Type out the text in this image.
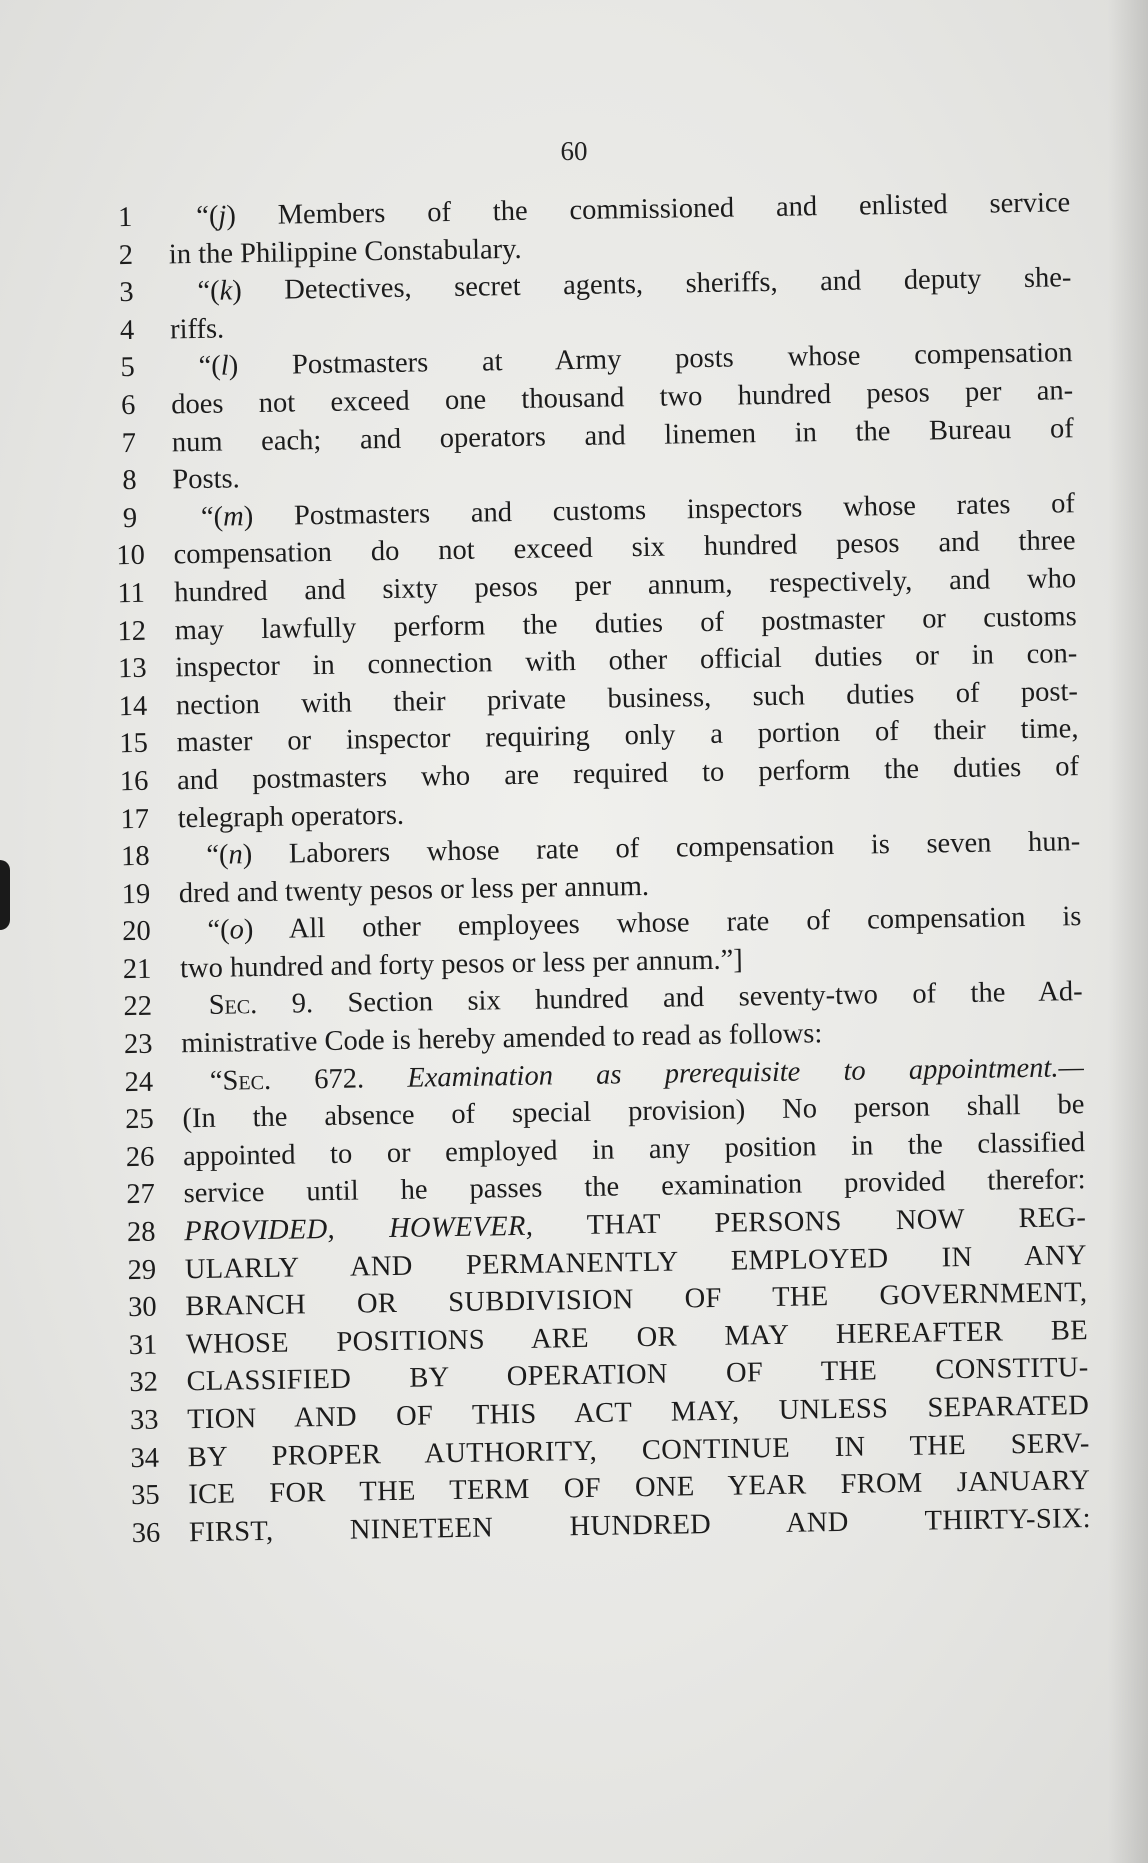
60
1	“(j) Members of the commissioned and enlisted service
2	in the Philippine Constabulary.
3	“(k) Detectives, secret agents, sheriffs, and deputy she-
4	riffs.
5	“(l) Postmasters at Army posts whose compensation
6	does not exceed one thousand two hundred pesos per an-
7	num each; and operators and linemen in the Bureau of
8	Posts.
9	“(m) Postmasters and customs inspectors whose rates of
10 compensation do not exceed six hundred pesos and three
11	hundred and sixty pesos per annum, respectively, and who
12 may lawfully perform the duties of postmaster or customs
13 inspector in connection with other official duties or in con-
14 nection with their private business, such duties of post-
15 master or inspector requiring only a portion of their time,
16 and postmasters who are required to perform the duties of
17 telegraph operators.
18	“(n) Laborers whose rate of compensation is seven hun-
19 dred and twenty pesos or less per annum.
20	“(o) All other employees whose rate of compensation is
21 two hundred and forty pesos or less per annum.”]
22	Sec. 9. Section six hundred and seventy-two of the Ad-
23 ministrative Code is hereby amended to read as follows:
24	“Sec. 672. Examination as prerequisite to appointment.—
25 (In the absence of special provision) No person shall be
26 appointed to or employed in any position in the classified
27 service until he passes the examination provided therefor:
28 PROVIDED, HOWEVER, THAT PERSONS NOW REG-
29 ULARLY AND PERMANENTLY EMPLOYED IN ANY
30 BRANCH OR SUBDIVISION OF THE GOVERNMENT,
31 WHOSE POSITIONS ARE OR MAY HEREAFTER BE
32 CLASSIFIED BY OPERATION OF THE CONSTITU-
33 TION AND OF THIS ACT MAY, UNLESS SEPARATED
34 BY PROPER AUTHORITY, CONTINUE IN THE SERV-
35 ICE FOR THE TERM OF ONE YEAR FROM JANUARY
36 FIRST, NINETEEN HUNDRED AND THIRTY-SIX:
